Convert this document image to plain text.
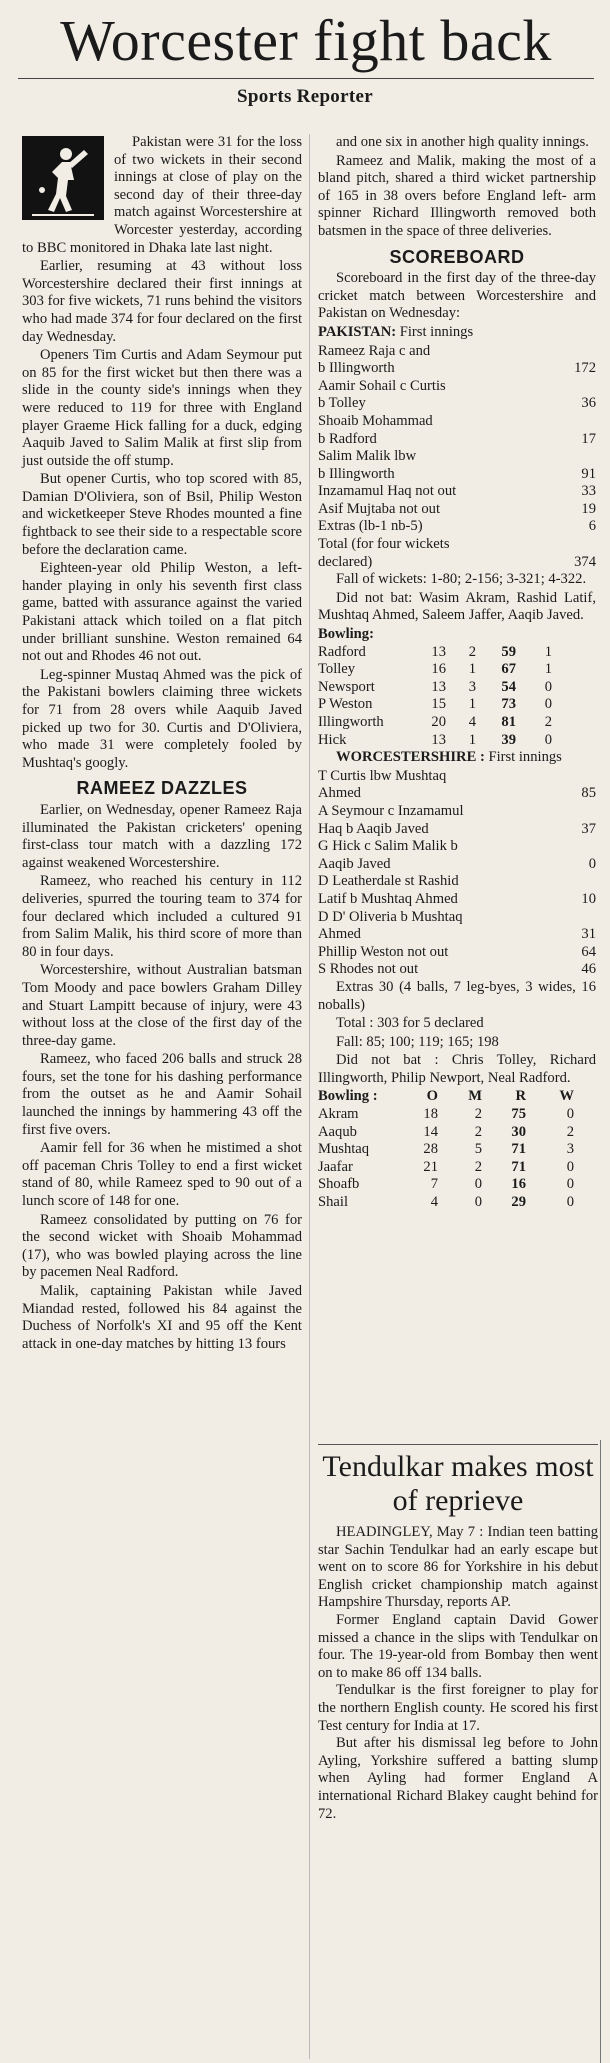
Worcester fight back
Sports Reporter

Pakistan were 31 for the loss of two wickets in their second innings at close of play on the second day of their three-day match against Worcestershire at Worcester yesterday, according to BBC monitored in Dhaka late last night.

Earlier, resuming at 43 without loss Worcestershire declared their first innings at 303 for five wickets, 71 runs behind the visitors who had made 374 for four declared on the first day Wednesday.

Openers Tim Curtis and Adam Seymour put on 85 for the first wicket but then there was a slide in the county side's innings when they were reduced to 119 for three with England player Graeme Hick falling for a duck, edging Aaquib Javed to Salim Malik at first slip from just outside the off stump.

But opener Curtis, who top scored with 85, Damian D'Oliviera, son of Bsil, Philip Weston and wicketkeeper Steve Rhodes mounted a fine fightback to see their side to a respectable score before the declaration came.

Eighteen-year old Philip Weston, a left-hander playing in only his seventh first class game, batted with assurance against the varied Pakistani attack which toiled on a flat pitch under brilliant sunshine. Weston remained 64 not out and Rhodes 46 not out.

Leg-spinner Mustaq Ahmed was the pick of the Pakistani bowlers claiming three wickets for 71 from 28 overs while Aaquib Javed picked up two for 30. Curtis and D'Oliviera, who made 31 were completely fooled by Mushtaq's googly.

RAMEEZ DAZZLES

Earlier, on Wednesday, opener Rameez Raja illuminated the Pakistan cricketers' opening first-class tour match with a dazzling 172 against weakened Worcestershire.

Rameez, who reached his century in 112 deliveries, spurred the touring team to 374 for four declared which included a cultured 91 from Salim Malik, his third score of more than 80 in four days.

Worcestershire, without Australian batsman Tom Moody and pace bowlers Graham Dilley and Stuart Lampitt because of injury, were 43 without loss at the close of the first day of the three-day game.

Rameez, who faced 206 balls and struck 28 fours, set the tone for his dashing performance from the outset as he and Aamir Sohail launched the innings by hammering 43 off the first five overs.

Aamir fell for 36 when he mistimed a shot off paceman Chris Tolley to end a first wicket stand of 80, while Rameez sped to 90 out of a lunch score of 148 for one.

Rameez consolidated by putting on 76 for the second wicket with Shoaib Mohammad (17), who was bowled playing across the line by pacemen Neal Radford.

Malik, captaining Pakistan while Javed Miandad rested, followed his 84 against the Duchess of Norfolk's XI and 95 off the Kent attack in one-day matches by hitting 13 fours

and one six in another high quality innings.

Rameez and Malik, making the most of a bland pitch, shared a third wicket partnership of 165 in 38 overs before England left- arm spinner Richard Illingworth removed both batsmen in the space of three deliveries.

SCOREBOARD

Scoreboard in the first day of the three-day cricket match between Worcestershire and Pakistan on Wednesday:

PAKISTAN: First innings

Rameez Raja c and
b Illingworth	172
Aamir Sohail c Curtis
b Tolley	36
Shoaib Mohammad
b Radford	17
Salim Malik lbw
b Illingworth	91
Inzamamul Haq not out	33
Asif Mujtaba not out	19
Extras (lb-1 nb-5)	6
Total (for four wickets
declared)	374

Fall of wickets: 1-80; 2-156; 3-321; 4-322.

Did not bat: Wasim Akram, Rashid Latif, Mushtaq Ahmed, Saleem Jaffer, Aaqib Javed.

Bowling:
Radford	13	2	59	1
Tolley	16	1	67	1
Newsport	13	3	54	0
P Weston	15	1	73	0
Illingworth	20	4	81	2
Hick	13	1	39	0

WORCESTERSHIRE : First innings

T Curtis lbw Mushtaq
Ahmed	85
A Seymour c Inzamamul
Haq b Aaqib Javed	37
G Hick c Salim Malik b
Aaqib Javed	0
D Leatherdale st Rashid
Latif b Mushtaq Ahmed	10
D D' Oliveria b Mushtaq
Ahmed	31
Phillip Weston not out	64
S Rhodes not out	46

Extras 30 (4 balls, 7 leg-byes, 3 wides, 16 noballs)

Total : 303 for 5 declared

Fall: 85; 100; 119; 165; 198

Did not bat : Chris Tolley, Richard Illingworth, Philip Newport, Neal Radford.

Bowling :	O	M	R	W
Akram	18	2	75	0
Aaqub	14	2	30	2
Mushtaq	28	5	71	3
Jaafar	21	2	71	0
Shoafb	7	0	16	0
Shail	4	0	29	0
Tendulkar makes most of reprieve

HEADINGLEY, May 7 : Indian teen batting star Sachin Tendulkar had an early escape but went on to score 86 for Yorkshire in his debut English cricket championship match against Hampshire Thursday, reports AP.

Former England captain David Gower missed a chance in the slips with Tendulkar on four. The 19-year-old from Bombay then went on to make 86 off 134 balls.

Tendulkar is the first foreigner to play for the northern English county. He scored his first Test century for India at 17.

But after his dismissal leg before to John Ayling, Yorkshire suffered a batting slump when Ayling had former England A international Richard Blakey caught behind for 72.
